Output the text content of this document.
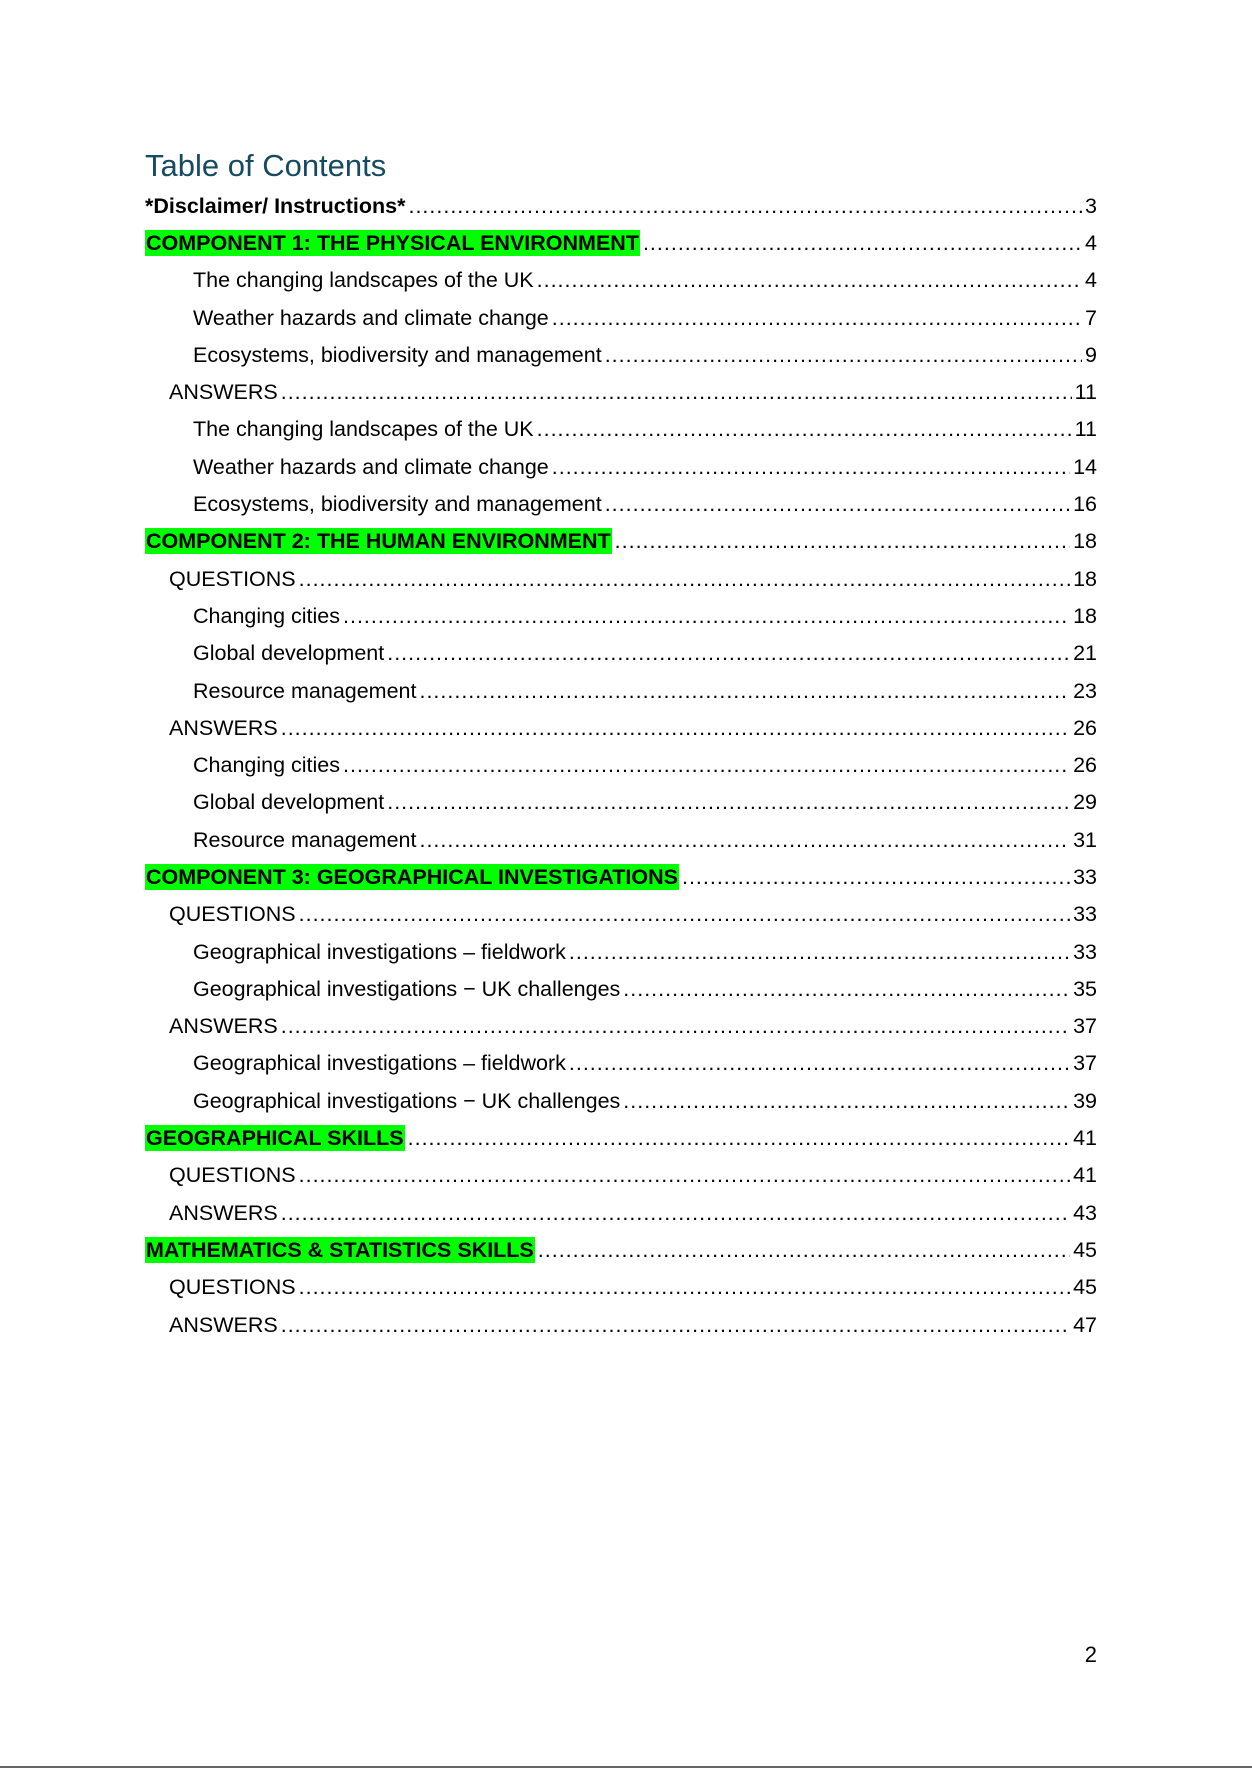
Table of Contents
*Disclaimer/ Instructions* .....	3
COMPONENT 1: THE PHYSICAL ENVIRONMENT .....	4
The changing landscapes of the UK .....	4
Weather hazards and climate change .....	7
Ecosystems, biodiversity and management .....	9
ANSWERS .....	11
The changing landscapes of the UK .....	11
Weather hazards and climate change .....	14
Ecosystems, biodiversity and management .....	16
COMPONENT 2: THE HUMAN ENVIRONMENT .....	18
QUESTIONS .....	18
Changing cities .....	18
Global development .....	21
Resource management .....	23
ANSWERS .....	26
Changing cities .....	26
Global development .....	29
Resource management .....	31
COMPONENT 3: GEOGRAPHICAL INVESTIGATIONS .....	33
QUESTIONS .....	33
Geographical investigations – fieldwork .....	33
Geographical investigations − UK challenges .....	35
ANSWERS .....	37
Geographical investigations – fieldwork .....	37
Geographical investigations − UK challenges .....	39
GEOGRAPHICAL SKILLS .....	41
QUESTIONS .....	41
ANSWERS .....	43
MATHEMATICS & STATISTICS SKILLS .....	45
QUESTIONS .....	45
ANSWERS .....	47
2
